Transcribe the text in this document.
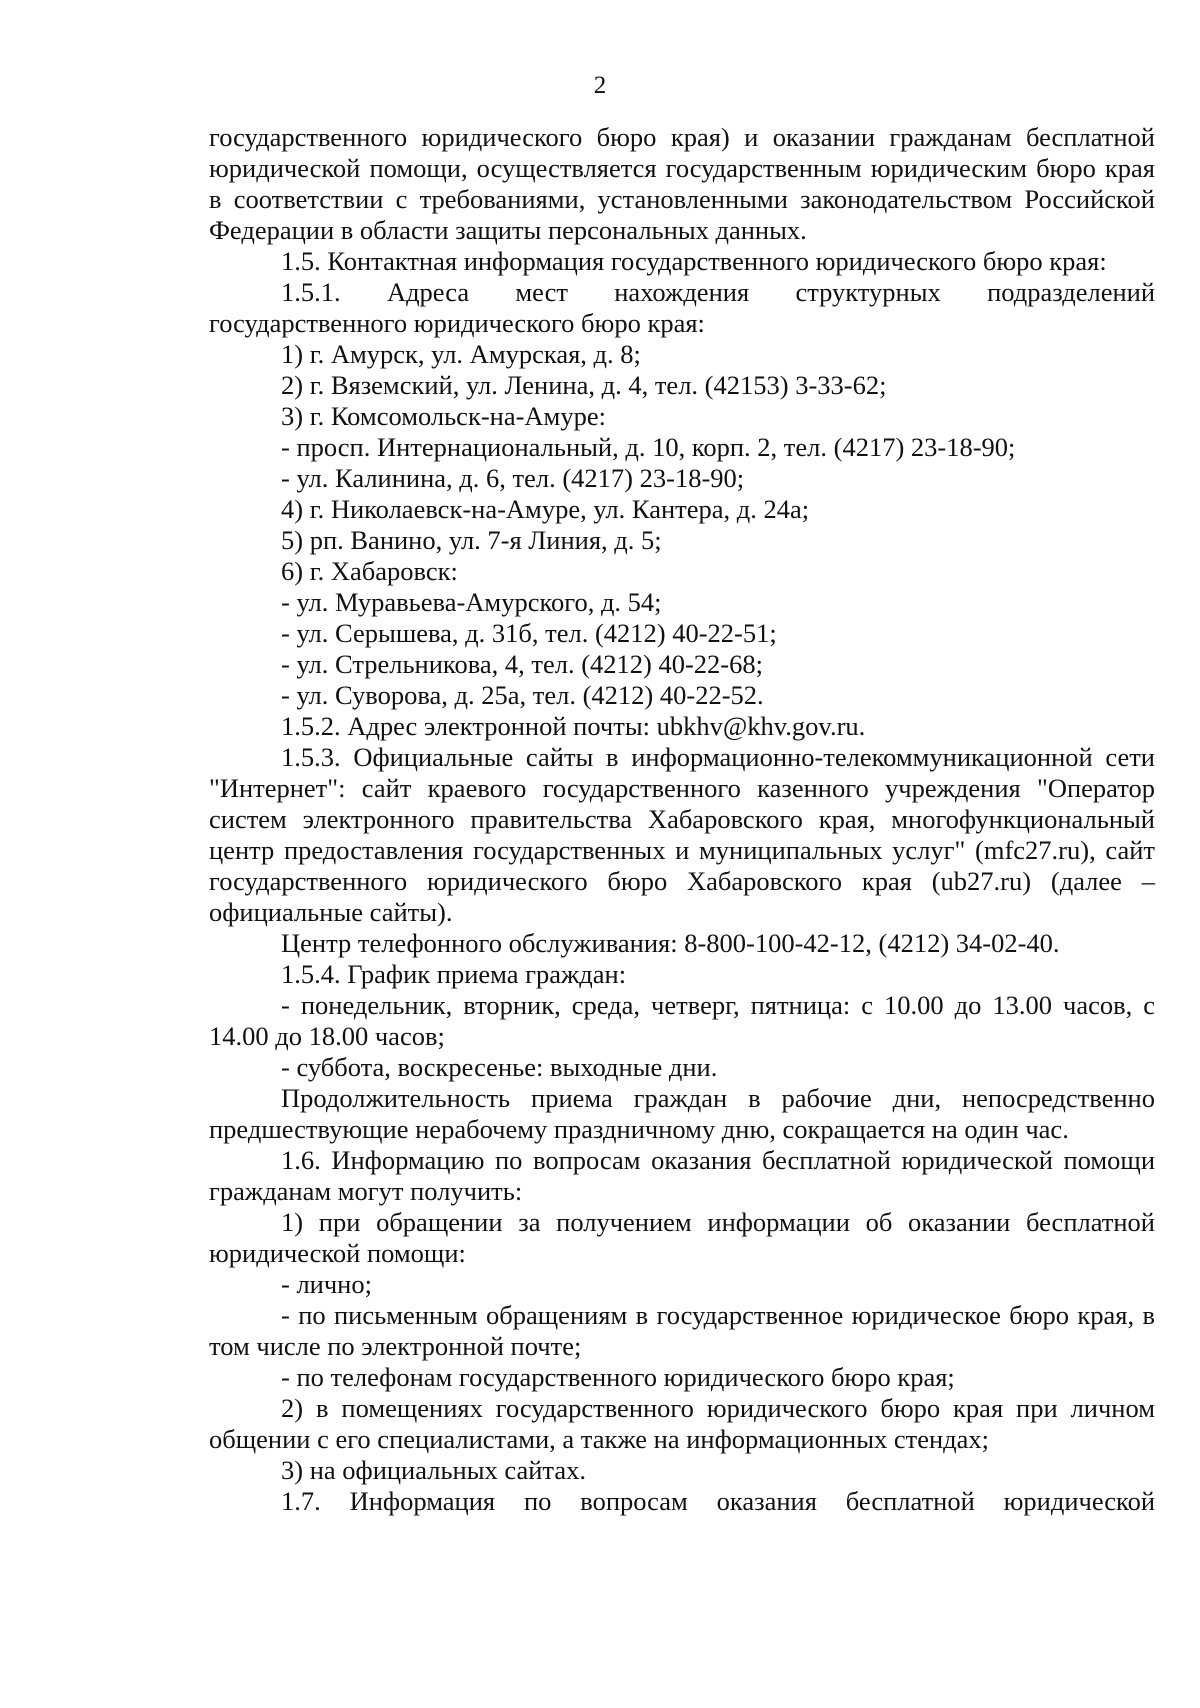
2

государственного юридического бюро края) и оказании гражданам бесплатной юридической помощи, осуществляется государственным юридическим бюро края в соответствии с требованиями, установленными законодательством Российской Федерации в области защиты персональных данных.

1.5. Контактная информация государственного юридического бюро края:

1.5.1. Адреса мест нахождения структурных подразделений государственного юридического бюро края:

1) г. Амурск, ул. Амурская, д. 8;

2) г. Вяземский, ул. Ленина, д. 4, тел. (42153) 3-33-62;

3) г. Комсомольск-на-Амуре:

- просп. Интернациональный, д. 10, корп. 2, тел. (4217) 23-18-90;

- ул. Калинина, д. 6, тел. (4217) 23-18-90;

4) г. Николаевск-на-Амуре, ул. Кантера, д. 24а;

5) рп. Ванино, ул. 7-я Линия, д. 5;

6) г. Хабаровск:

- ул. Муравьева-Амурского, д. 54;

- ул. Серышева, д. 31б, тел. (4212) 40-22-51;

- ул. Стрельникова, 4, тел. (4212) 40-22-68;

- ул. Суворова, д. 25а, тел. (4212) 40-22-52.

1.5.2. Адрес электронной почты: ubkhv@khv.gov.ru.

1.5.3. Официальные сайты в информационно-телекоммуникационной сети "Интернет": сайт краевого государственного казенного учреждения "Оператор систем электронного правительства Хабаровского края, многофункциональный центр предоставления государственных и муниципальных услуг" (mfc27.ru), сайт государственного юридического бюро Хабаровского края (ub27.ru) (далее – официальные сайты).

Центр телефонного обслуживания: 8-800-100-42-12, (4212) 34-02-40.

1.5.4. График приема граждан:

- понедельник, вторник, среда, четверг, пятница: с 10.00 до 13.00 часов, с 14.00 до 18.00 часов;

- суббота, воскресенье: выходные дни.

Продолжительность приема граждан в рабочие дни, непосредственно предшествующие нерабочему праздничному дню, сокращается на один час.

1.6. Информацию по вопросам оказания бесплатной юридической помощи гражданам могут получить:

1) при обращении за получением информации об оказании бесплатной юридической помощи:

- лично;

- по письменным обращениям в государственное юридическое бюро края, в том числе по электронной почте;

- по телефонам государственного юридического бюро края;

2) в помещениях государственного юридического бюро края при личном общении с его специалистами, а также на информационных стендах;

3) на официальных сайтах.

1.7. Информация по вопросам оказания бесплатной юридической
